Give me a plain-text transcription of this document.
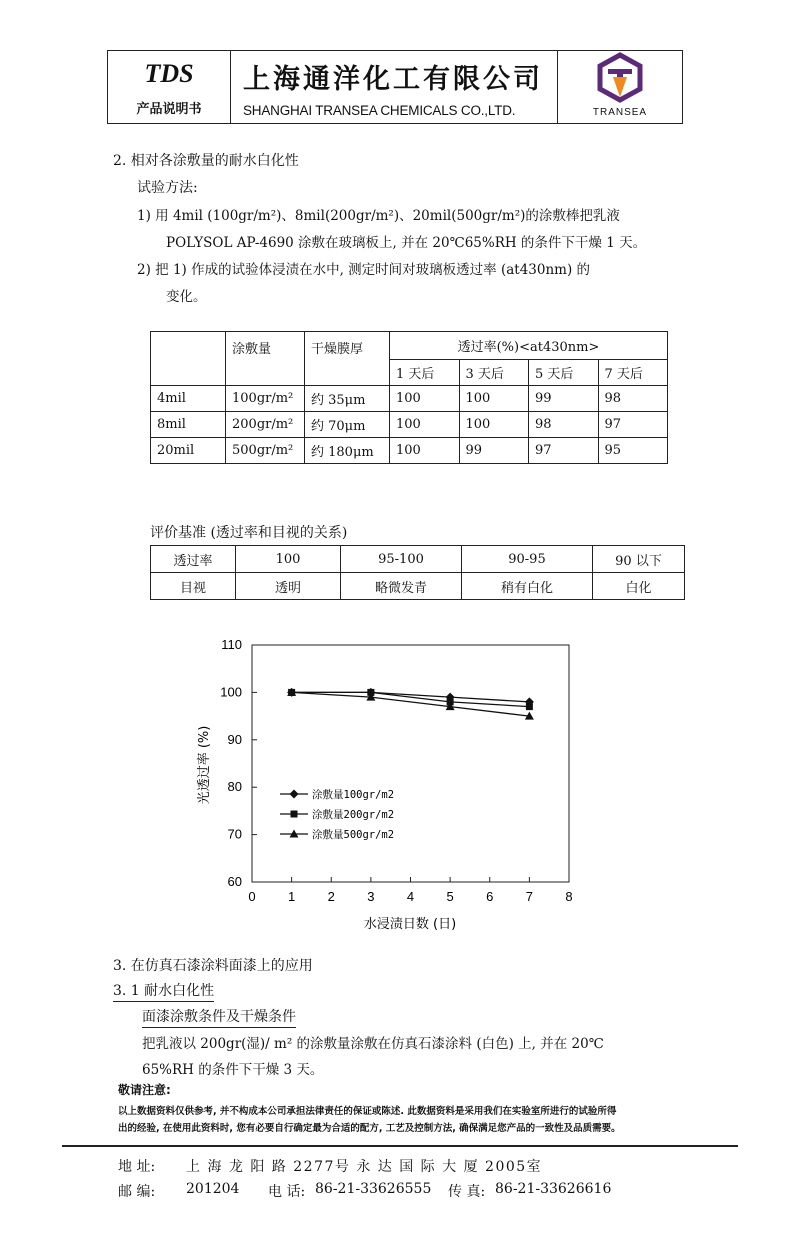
TDS
产品说明书
上海通洋化工有限公司
SHANGHAI TRANSEA CHEMICALS CO.,LTD.	TRANSEA
2. 相对各涂敷量的耐水白化性
试验方法:
1) 用 4mil (100gr/m²)、8mil(200gr/m²)、20mil(500gr/m²)的涂敷棒把乳液
POLYSOL AP-4690 涂敷在玻璃板上, 并在 20℃65%RH 的条件下干燥 1 天。
2) 把 1) 作成的试验体浸渍在水中, 测定时间对玻璃板透过率 (at430nm) 的
变化。
	涂敷量	干燥膜厚	透过率(%)<at430nm>			
			1 天后	3 天后	5 天后	7 天后
4mil	100gr/m²	约 35μm	100	100	99	98
8mil	200gr/m²	约 70μm	100	100	98	97
20mil	500gr/m²	约 180μm	100	99	97	95
评价基准 (透过率和目视的关系)
透过率	100	95-100	90-95	90 以下
目视	透明	略微发青	稍有白化	白化
60
70
80
90
100
110
0 1 2 3 4 5 6 7 8
涂敷量100gr/m2
涂敷量200gr/m2
涂敷量500gr/m2
光透过率 (%)
水浸渍日数 (日)
3. 在仿真石漆涂料面漆上的应用
3. 1 耐水白化性
面漆涂敷条件及干燥条件
把乳液以 200gr(湿)/ m² 的涂敷量涂敷在仿真石漆涂料 (白色) 上, 并在 20℃
65%RH 的条件下干燥 3 天。
敬请注意:
以上数据资料仅供参考, 并不构成本公司承担法律责任的保证或陈述. 此数据资料是采用我们在实验室所进行的试验所得
出的经验, 在使用此资料时, 您有必要自行确定最为合适的配方, 工艺及控制方法, 确保满足您产品的一致性及品质需要。
地 址: 上 海 龙 阳 路 2277号 永 达 国 际 大 厦 2005室
邮 编: 201204 电 话: 86-21-33626555 传 真: 86-21-33626616
